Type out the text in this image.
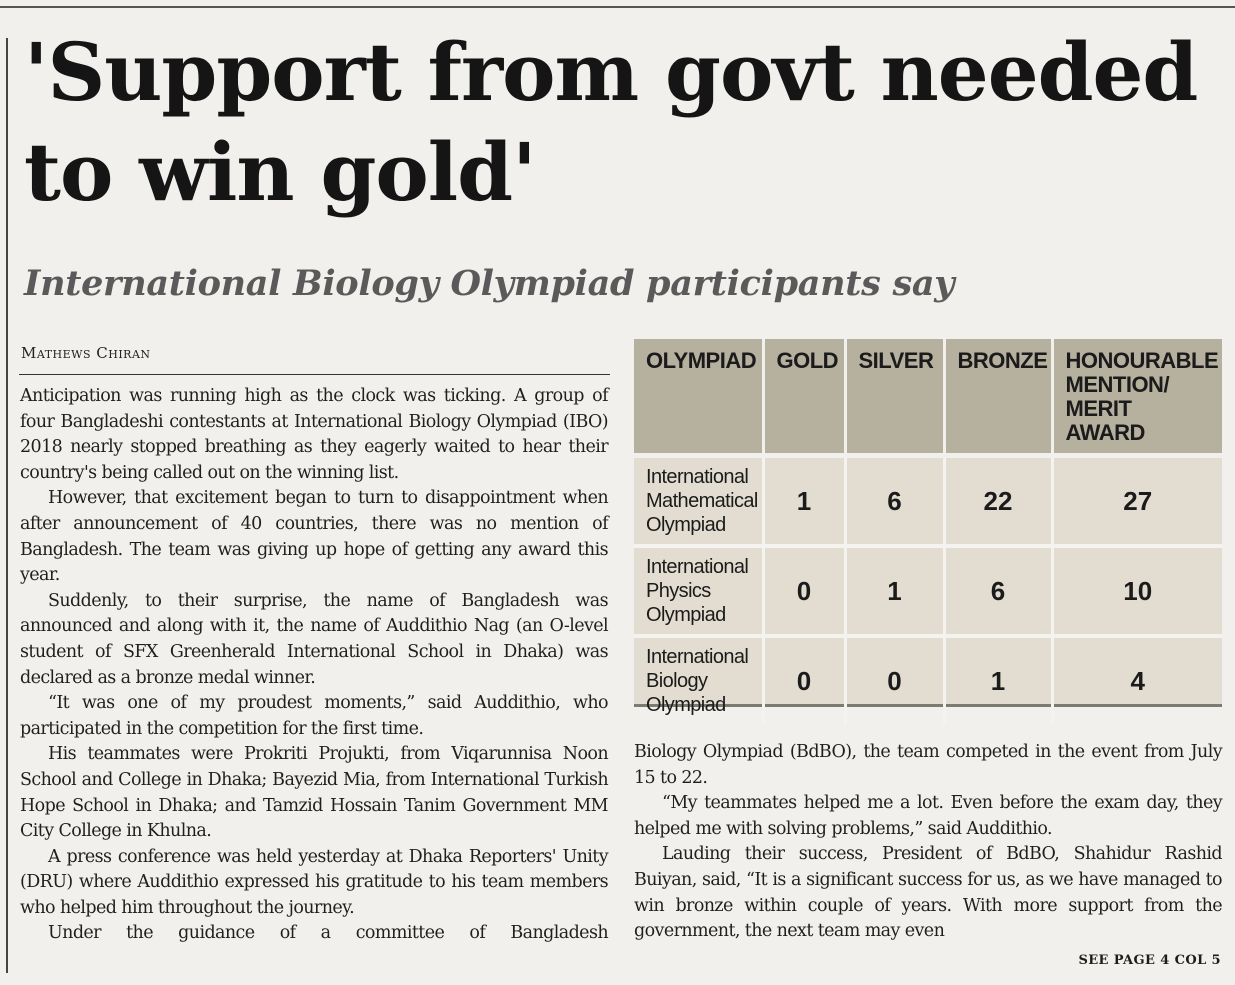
'Support from govt needed to win gold'
International Biology Olympiad participants say
Mathews Chiran

Anticipation was running high as the clock was ticking. A group of four Bangladeshi contestants at International Biology Olympiad (IBO) 2018 nearly stopped breathing as they eagerly waited to hear their country's being called out on the winning list.

However, that excitement began to turn to disappointment when after announcement of 40 countries, there was no mention of Bangladesh. The team was giving up hope of getting any award this year.

Suddenly, to their surprise, the name of Bangladesh was announced and along with it, the name of Auddithio Nag (an O-level student of SFX Greenherald International School in Dhaka) was declared as a bronze medal winner.

“It was one of my proudest moments,” said Auddithio, who participated in the competition for the first time.

His teammates were Prokriti Projukti, from Viqarunnisa Noon School and College in Dhaka; Bayezid Mia, from International Turkish Hope School in Dhaka; and Tamzid Hossain Tanim Government MM City College in Khulna.

A press conference was held yesterday at Dhaka Reporters' Unity (DRU) where Auddithio expressed his gratitude to his team members who helped him throughout the journey.

Under the guidance of a committee of Bangladesh

OLYMPIAD	GOLD	SILVER	BRONZE	HONOURABLE MENTION/ MERIT AWARD
International Mathematical Olympiad	1	6	22	27
International Physics Olympiad	0	1	6	10
International Biology Olympiad	0	0	1	4

Biology Olympiad (BdBO), the team competed in the event from July 15 to 22.

“My teammates helped me a lot. Even before the exam day, they helped me with solving problems,” said Auddithio.

Lauding their success, President of BdBO, Shahidur Rashid Buiyan, said, “It is a significant success for us, as we have managed to win bronze within couple of years. With more support from the government, the next team may even

SEE PAGE 4 COL 5
